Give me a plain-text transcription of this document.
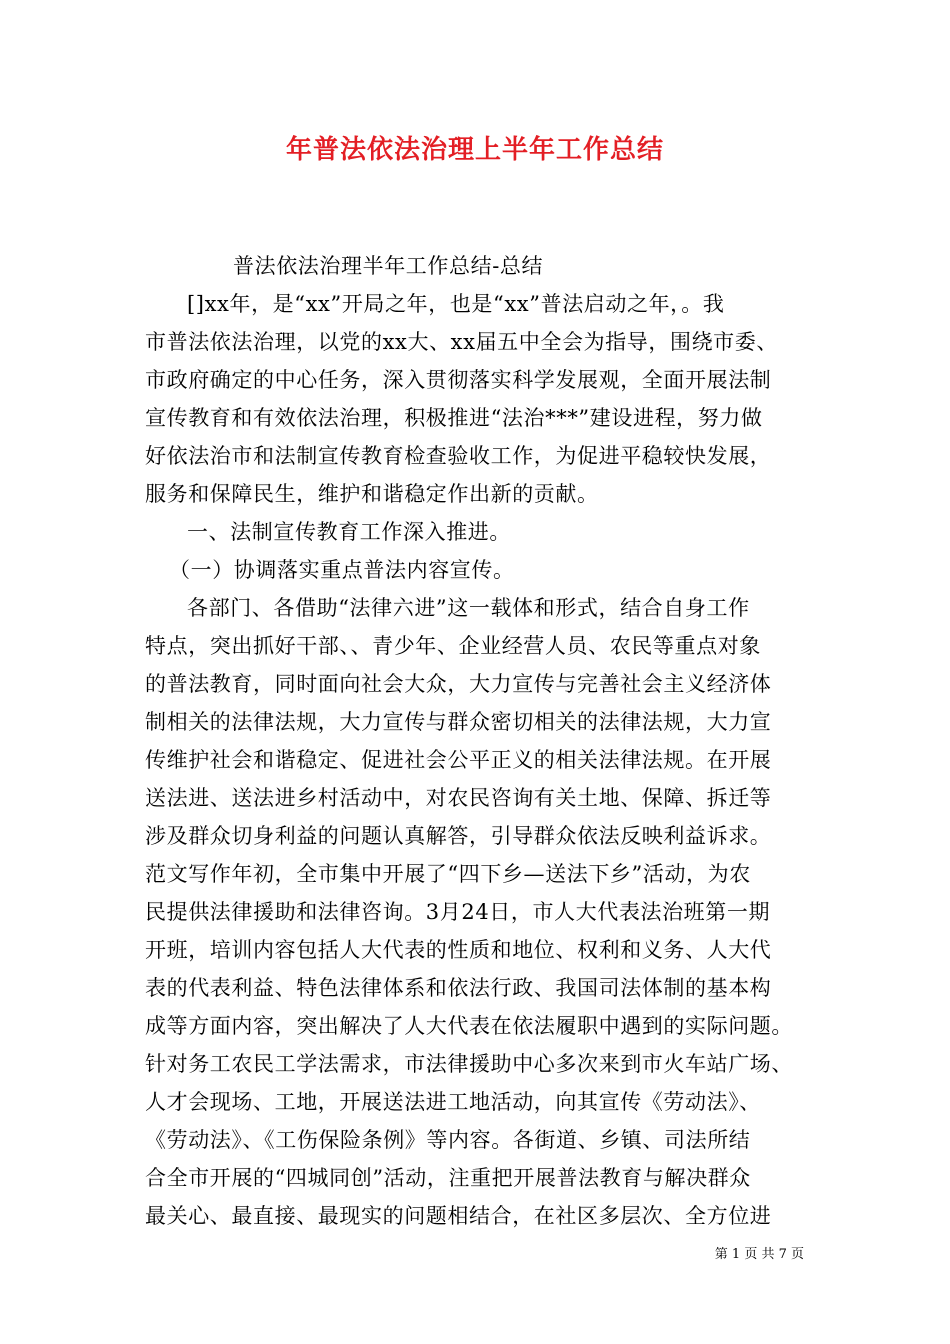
年普法依法治理上半年工作总结
普法依法治理半年工作总结-总结
[]xx年，是“xx”开局之年，也是“xx”普法启动之年，。我
市普法依法治理，以党的xx大、xx届五中全会为指导，围绕市委、
市政府确定的中心任务，深入贯彻落实科学发展观，全面开展法制
宣传教育和有效依法治理，积极推进“法治***”建设进程，努力做
好依法治市和法制宣传教育检查验收工作，为促进平稳较快发展，
服务和保障民生，维护和谐稳定作出新的贡献。
一、法制宣传教育工作深入推进。
（一）协调落实重点普法内容宣传。
各部门、各借助“法律六进”这一载体和形式，结合自身工作
特点，突出抓好干部、、青少年、企业经营人员、农民等重点对象
的普法教育，同时面向社会大众，大力宣传与完善社会主义经济体
制相关的法律法规，大力宣传与群众密切相关的法律法规，大力宣
传维护社会和谐稳定、促进社会公平正义的相关法律法规。在开展
送法进、送法进乡村活动中，对农民咨询有关土地、保障、拆迁等
涉及群众切身利益的问题认真解答，引导群众依法反映利益诉求。
范文写作年初，全市集中开展了“四下乡—送法下乡”活动，为农
民提供法律援助和法律咨询。3月24日，市人大代表法治班第一期
开班，培训内容包括人大代表的性质和地位、权利和义务、人大代
表的代表利益、特色法律体系和依法行政、我国司法体制的基本构
成等方面内容，突出解决了人大代表在依法履职中遇到的实际问题。
针对务工农民工学法需求，市法律援助中心多次来到市火车站广场、
人才会现场、工地，开展送法进工地活动，向其宣传《劳动法》、
《劳动法》、《工伤保险条例》等内容。各街道、乡镇、司法所结
合全市开展的“四城同创”活动，注重把开展普法教育与解决群众
最关心、最直接、最现实的问题相结合，在社区多层次、全方位进
第 1 页 共 7 页
